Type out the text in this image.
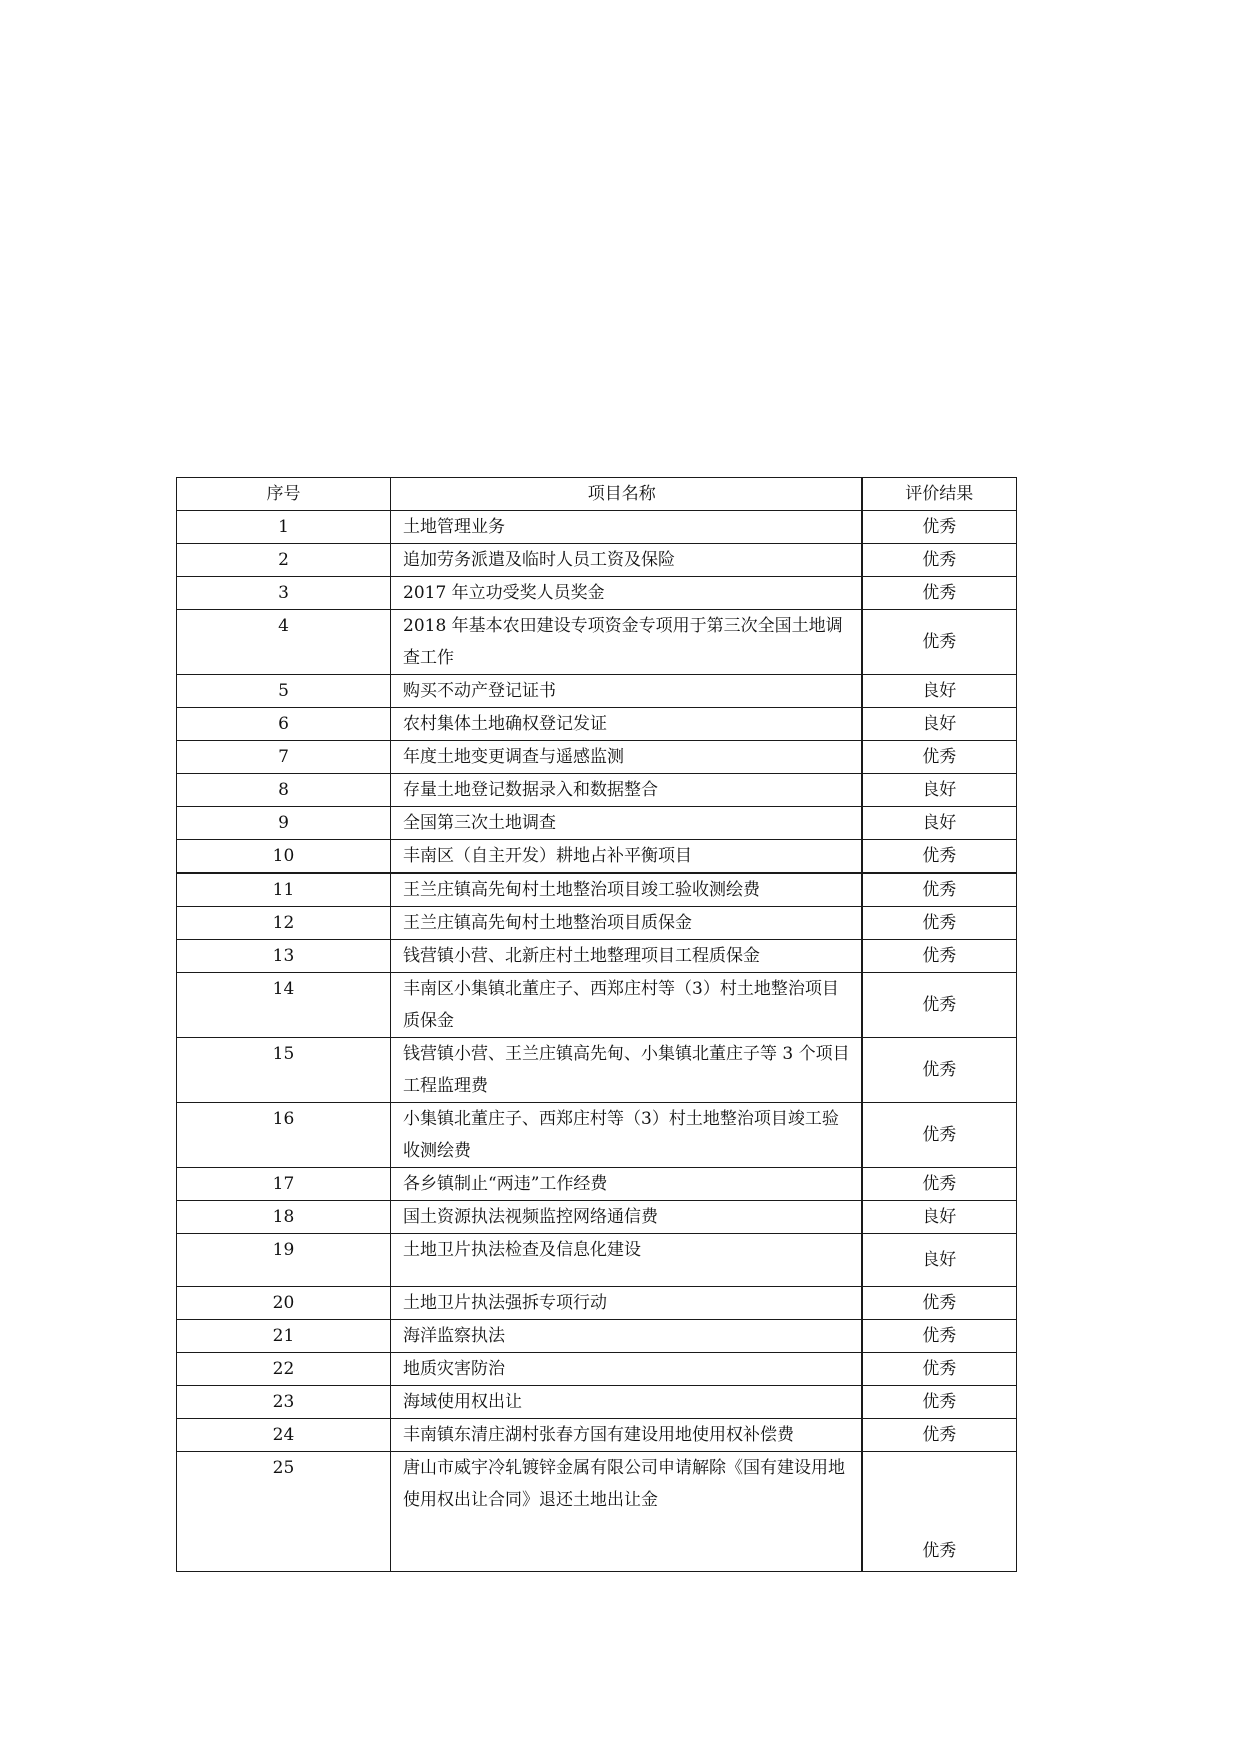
序号	项目名称	评价结果
1	土地管理业务	优秀
2	追加劳务派遣及临时人员工资及保险	优秀
3	2017 年立功受奖人员奖金	优秀
4	2018 年基本农田建设专项资金专项用于第三次全国土地调查工作	优秀
5	购买不动产登记证书	良好
6	农村集体土地确权登记发证	良好
7	年度土地变更调查与遥感监测	优秀
8	存量土地登记数据录入和数据整合	良好
9	全国第三次土地调查	良好
10	丰南区（自主开发）耕地占补平衡项目	优秀
11	王兰庄镇高先甸村土地整治项目竣工验收测绘费	优秀
12	王兰庄镇高先甸村土地整治项目质保金	优秀
13	钱营镇小营、北新庄村土地整理项目工程质保金	优秀
14	丰南区小集镇北董庄子、西郑庄村等（3）村土地整治项目质保金	优秀
15	钱营镇小营、王兰庄镇高先甸、小集镇北董庄子等 3 个项目工程监理费	优秀
16	小集镇北董庄子、西郑庄村等（3）村土地整治项目竣工验收测绘费	优秀
17	各乡镇制止“两违”工作经费	优秀
18	国土资源执法视频监控网络通信费	良好
19	土地卫片执法检查及信息化建设	良好
20	土地卫片执法强拆专项行动	优秀
21	海洋监察执法	优秀
22	地质灾害防治	优秀
23	海域使用权出让	优秀
24	丰南镇东清庄湖村张春方国有建设用地使用权补偿费	优秀
25	唐山市威宇冷轧镀锌金属有限公司申请解除《国有建设用地使用权出让合同》退还土地出让金	优秀
